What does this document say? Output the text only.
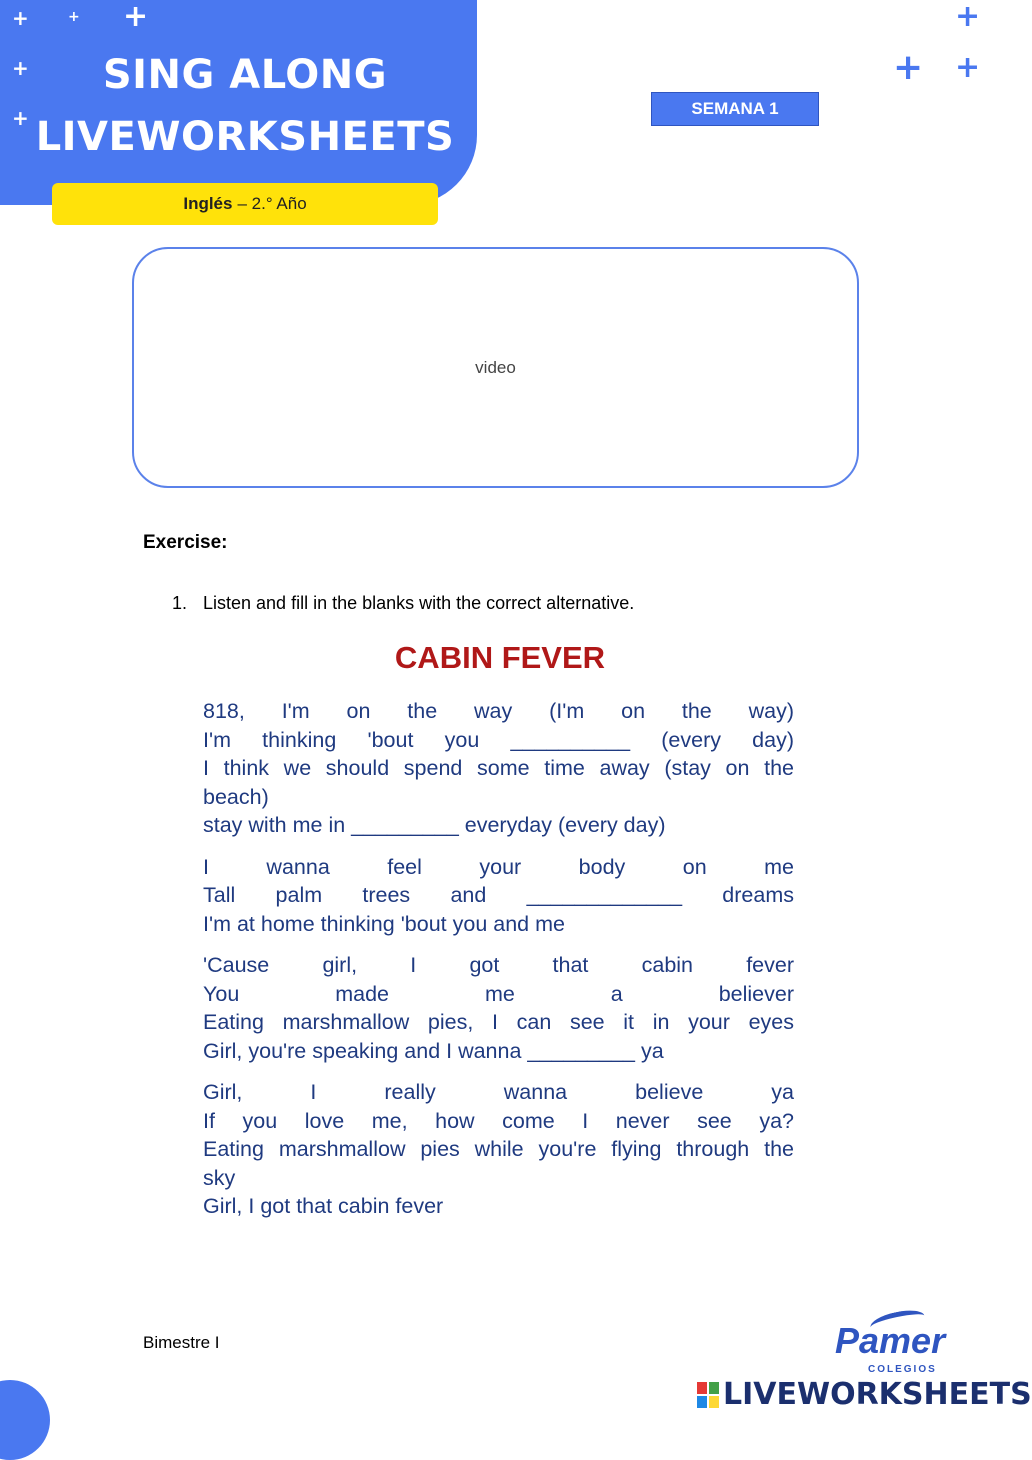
+	+ +
+
+
SING ALONG
LIVEWORKSHEETS
Inglés – 2.° Año
+
+ +
SEMANA 1
video
Exercise:
1. Listen and fill in the blanks with the correct alternative.
CABIN FEVER
818, I'm on the way (I'm on the way)
I'm thinking 'bout you __________ (every day)
I think we should spend some time away (stay on the
beach)
stay with me in _________ everyday (every day)
I wanna feel your body on me
Tall palm trees and _____________ dreams
I'm at home thinking 'bout you and me
'Cause girl, I got that cabin fever
You made me a believer
Eating marshmallow pies, I can see it in your eyes
Girl, you're speaking and I wanna _________ ya
Girl, I really wanna believe ya
If you love me, how come I never see ya?
Eating marshmallow pies while you're flying through the
sky
Girl, I got that cabin fever
Bimestre I	Pamer
COLEGIOS
LIVEWORKSHEETS
